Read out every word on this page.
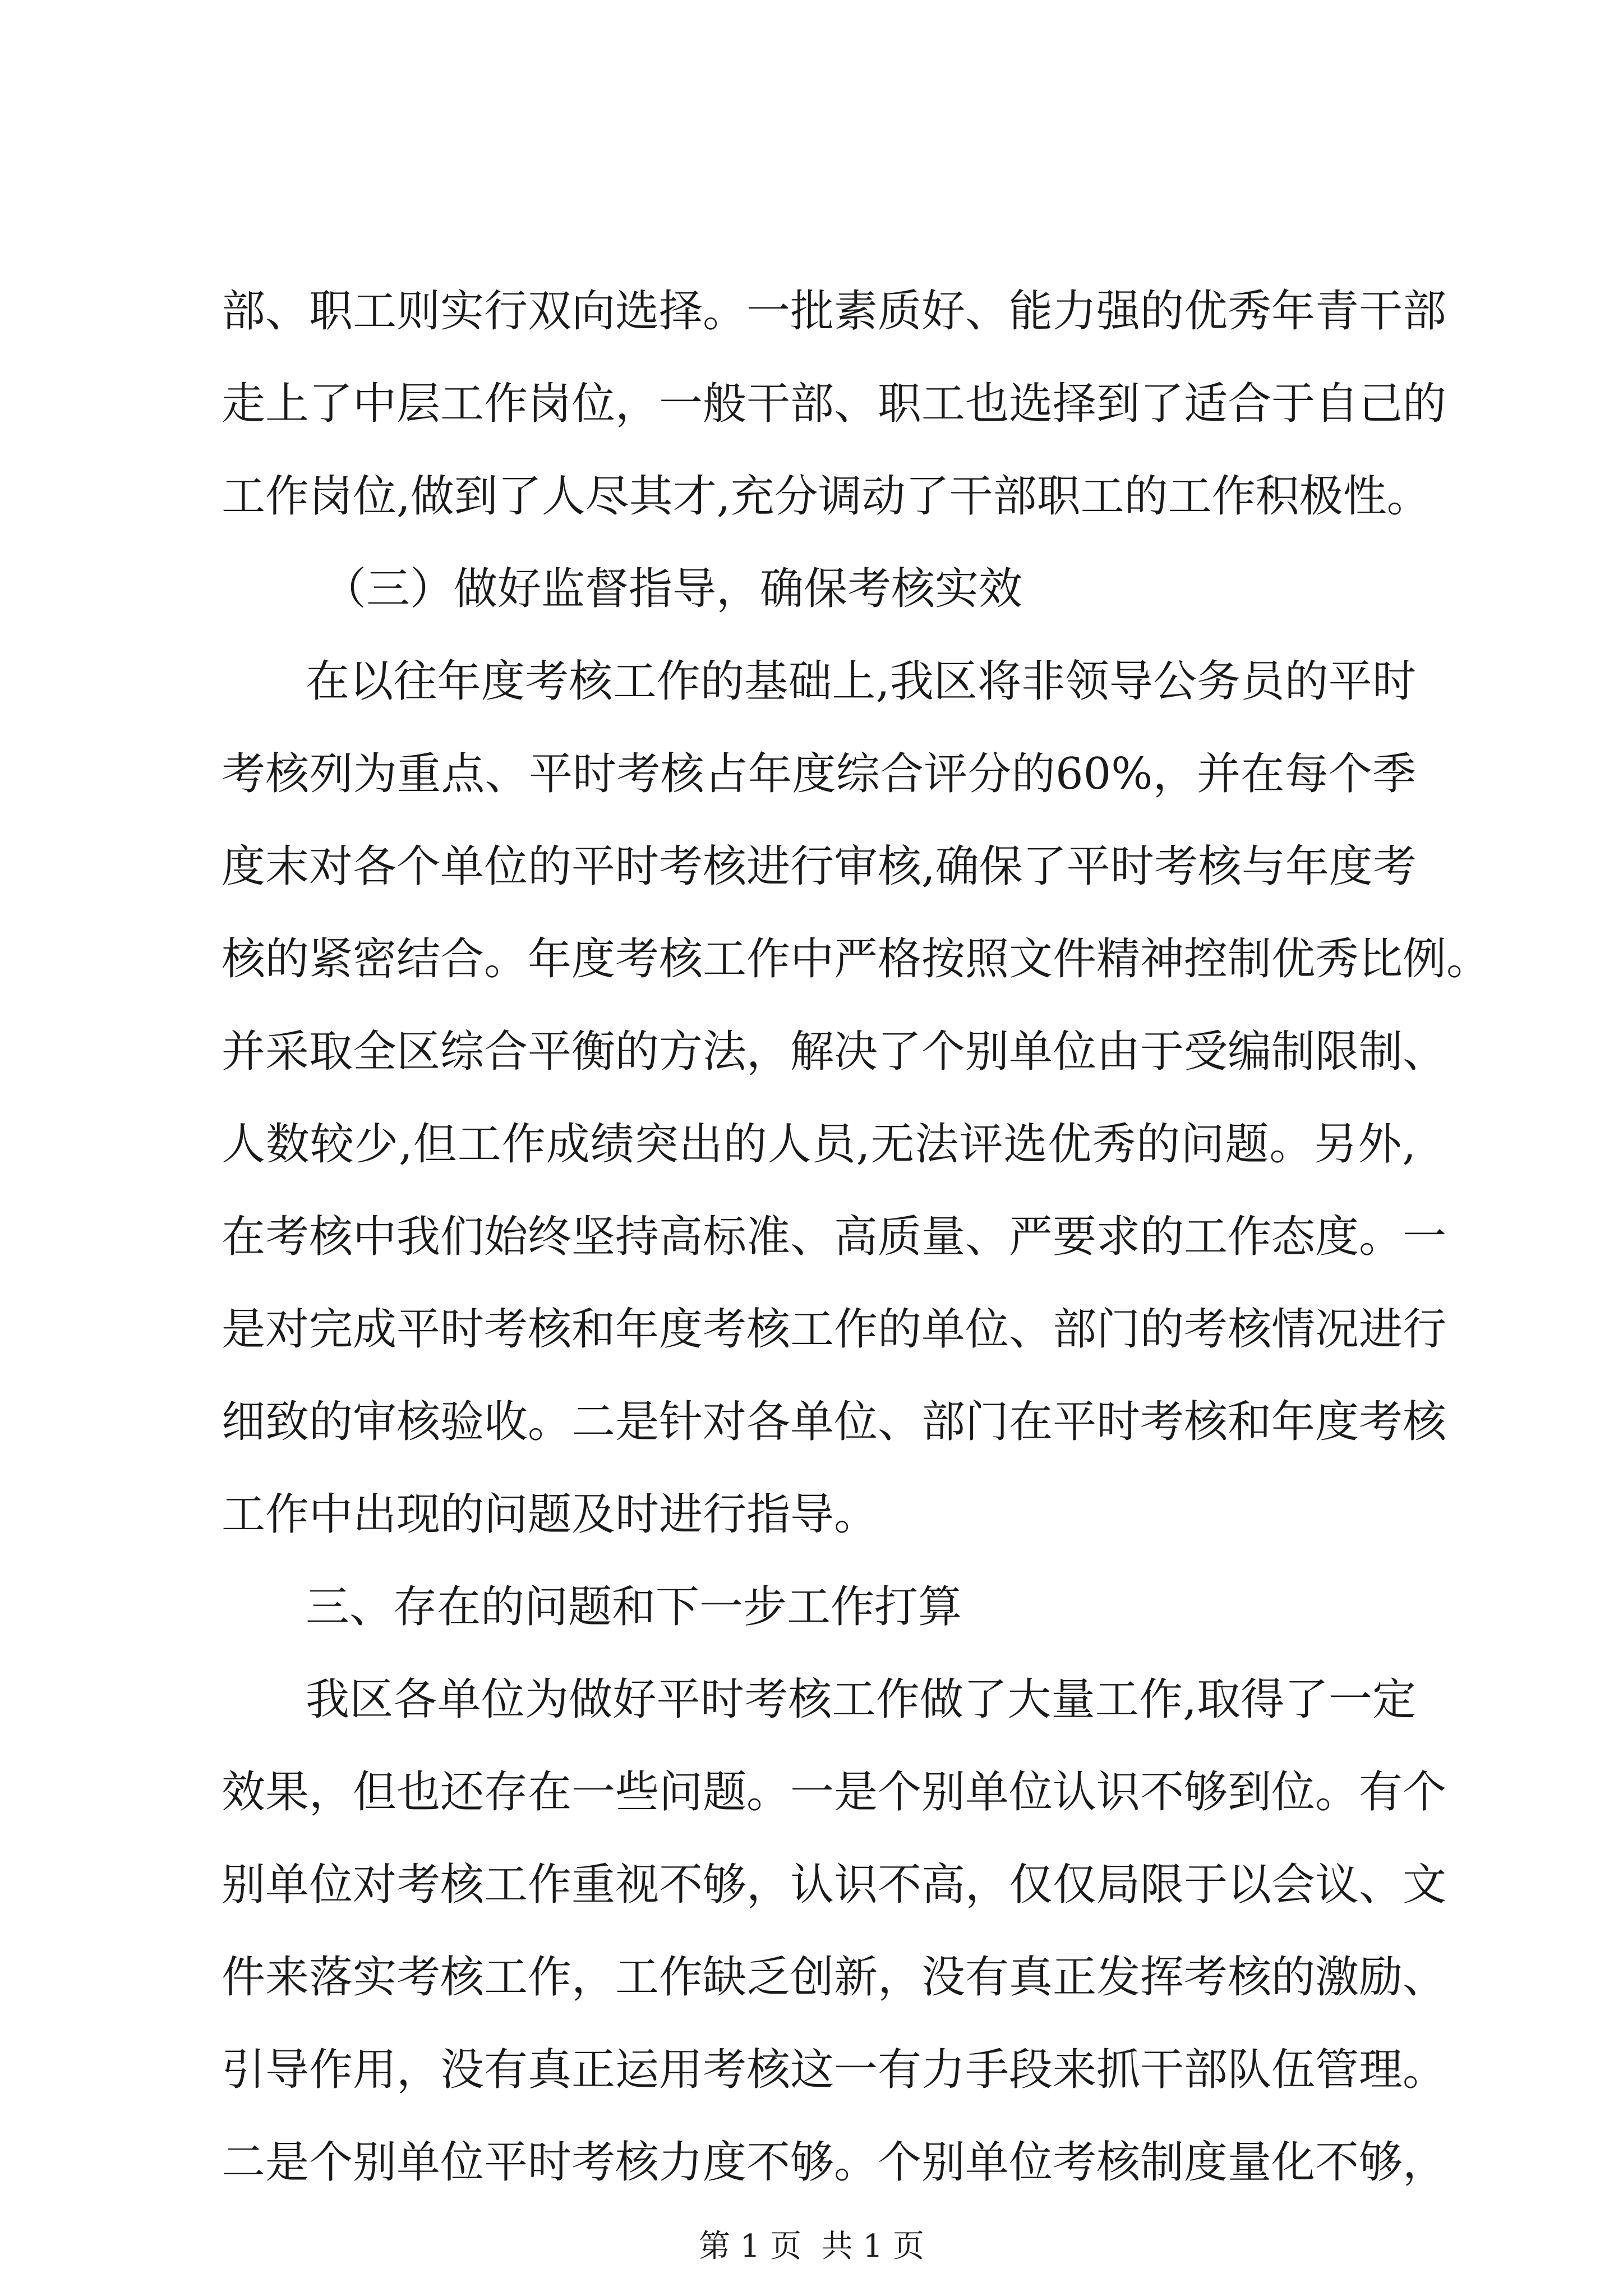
部、职工则实行双向选择。一批素质好、能力强的优秀年青干部

走上了中层工作岗位，一般干部、职工也选择到了适合于自己的

工作岗位,做到了人尽其才,充分调动了干部职工的工作积极性。

（三）做好监督指导，确保考核实效

在以往年度考核工作的基础上,我区将非领导公务员的平时

考核列为重点、平时考核占年度综合评分的60%，并在每个季

度末对各个单位的平时考核进行审核,确保了平时考核与年度考

核的紧密结合。年度考核工作中严格按照文件精神控制优秀比例。

并采取全区综合平衡的方法，解决了个别单位由于受编制限制、

人数较少,但工作成绩突出的人员,无法评选优秀的问题。另外,

在考核中我们始终坚持高标准、高质量、严要求的工作态度。一

是对完成平时考核和年度考核工作的单位、部门的考核情况进行

细致的审核验收。二是针对各单位、部门在平时考核和年度考核

工作中出现的问题及时进行指导。

三、存在的问题和下一步工作打算

我区各单位为做好平时考核工作做了大量工作,取得了一定

效果，但也还存在一些问题。一是个别单位认识不够到位。有个

别单位对考核工作重视不够，认识不高，仅仅局限于以会议、文

件来落实考核工作，工作缺乏创新，没有真正发挥考核的激励、

引导作用，没有真正运用考核这一有力手段来抓干部队伍管理。

二是个别单位平时考核力度不够。个别单位考核制度量化不够，

第 1 页  共 1 页
